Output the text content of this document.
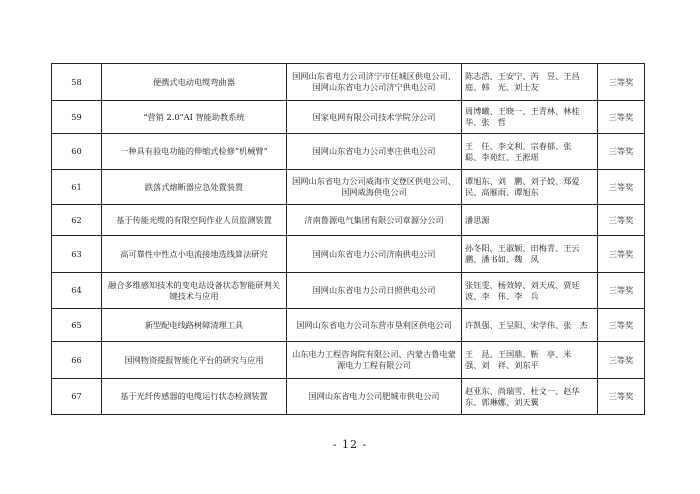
58	便携式电动电缆弯曲器	国网山东省电力公司济宁市任城区供电公司、国网山东省电力公司济宁供电公司	陈志浩、王安宁、芮　昱、王昌庭、韩　光、刘士友	三等奖
59	“营销 2.0”AI 智能助教系统	国家电网有限公司技术学院分公司	周博曦、王晓一、王青林、林桂华、张　哲	三等奖
60	一种具有验电功能的伸缩式检修“机械臂”	国网山东省电力公司枣庄供电公司	王　任、李文利、宗春郁、张　聪、李苑红、王淞瑶	三等奖
61	跌落式熔断器应急处置装置	国网山东省电力公司威海市文登区供电公司、国网威海供电公司	谭旭东、刘　鹏、刘子姣、郑爱民、高雁雨、谭旭东	三等奖
62	基于传能光缆的有限空间作业人员监测装置	济南鲁源电气集团有限公司章源分公司	潘思源	三等奖
63	高可靠性中性点小电流接地选线算法研究	国网山东省电力公司济南供电公司	孙冬阳、王淑颖、田梅青、王云鹏、潘书如、魏　风	三等奖
64	融合多维感知技术的变电站设备状态智能研判关键技术与应用	国网山东省电力公司日照供电公司	张钰雯、杨效婷、刘天成、贾廷波、李　伟、李　兵	三等奖
65	新型配电线路树障清理工具	国网山东省电力公司东营市垦利区供电公司	许凯强、王呈阳、宋学伟、张　杰	三等奖
66	国网物资提报智能化平台的研究与应用	山东电力工程咨询院有限公司、内蒙古鲁电蒙源电力工程有限公司	王　昆、王国鼎、靳　亭、米　强、刘　祥、刘东平	三等奖
67	基于光纤传感器的电缆运行状态检测装置	国网山东省电力公司肥城市供电公司	赵亚东、尚瑞雪、杜文一、赵华东、郭琳娜、刘天翼	三等奖
- 12 -
